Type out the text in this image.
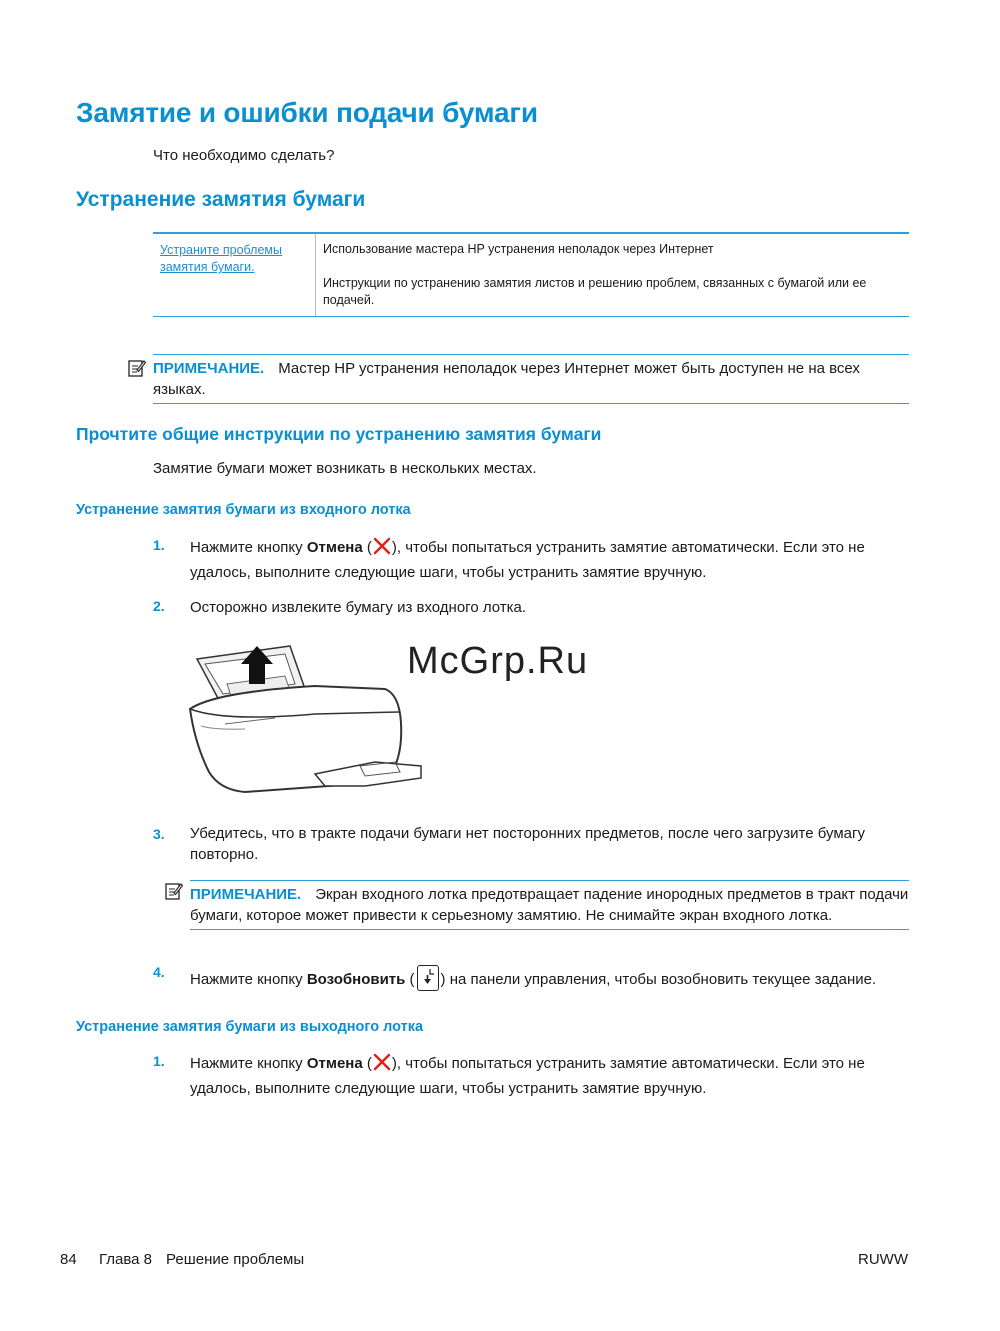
Замятие и ошибки подачи бумаги
Что необходимо сделать?
Устранение замятия бумаги
Устраните проблемы замятия бумаги.
Использование мастера HP устранения неполадок через Интернет
Инструкции по устранению замятия листов и решению проблем, связанных с бумагой или ее подачей.
ПРИМЕЧАНИЕ. Мастер HP устранения неполадок через Интернет может быть доступен не на всех языках.
Прочтите общие инструкции по устранению замятия бумаги
Замятие бумаги может возникать в нескольких местах.
Устранение замятия бумаги из входного лотка
1. Нажмите кнопку Отмена ( ), чтобы попытаться устранить замятие автоматически. Если это не удалось, выполните следующие шаги, чтобы устранить замятие вручную.
2. Осторожно извлеките бумагу из входного лотка.
McGrp.Ru
3. Убедитесь, что в тракте подачи бумаги нет посторонних предметов, после чего загрузите бумагу повторно.
ПРИМЕЧАНИЕ. Экран входного лотка предотвращает падение инородных предметов в тракт подачи бумаги, которое может привести к серьезному замятию. Не снимайте экран входного лотка.
4. Нажмите кнопку Возобновить ( ) на панели управления, чтобы возобновить текущее задание.
Устранение замятия бумаги из выходного лотка
1. Нажмите кнопку Отмена ( ), чтобы попытаться устранить замятие автоматически. Если это не удалось, выполните следующие шаги, чтобы устранить замятие вручную.
84 Глава 8 Решение проблемы	RUWW
